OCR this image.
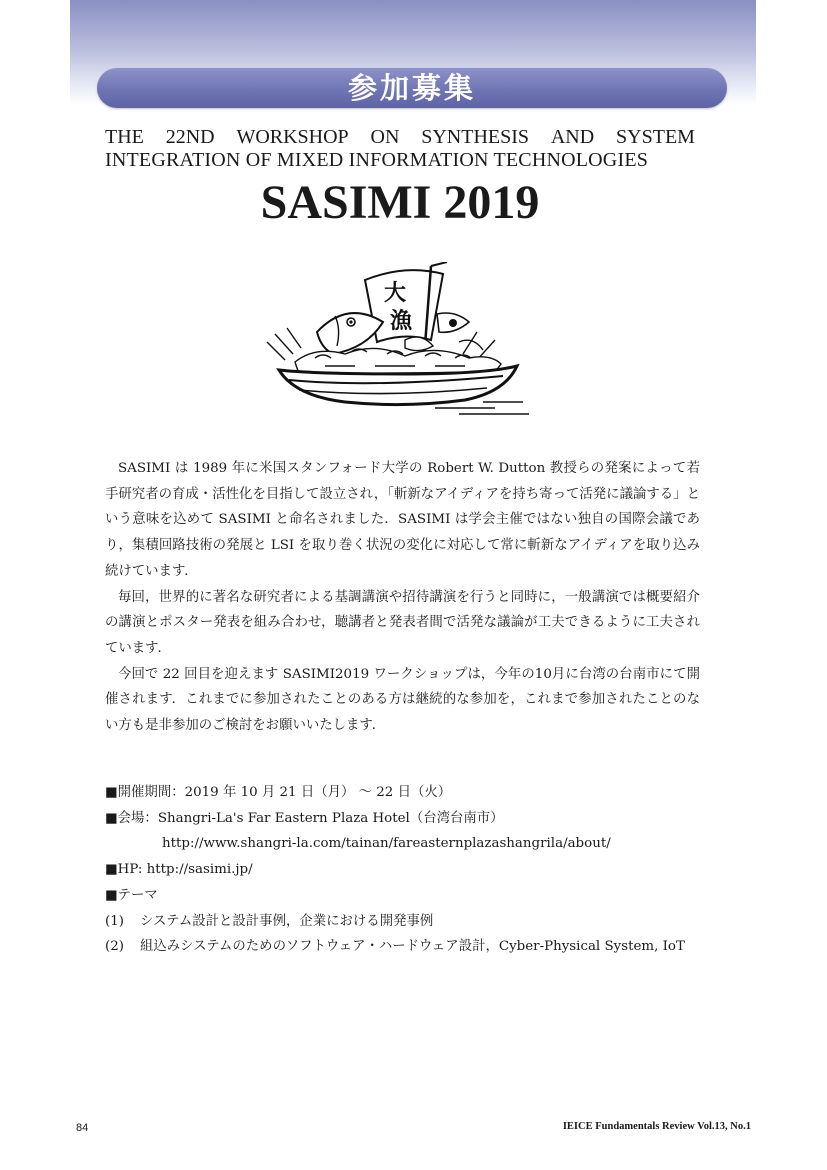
参加募集
THE 22ND WORKSHOP ON SYNTHESIS AND SYSTEM
INTEGRATION OF MIXED INFORMATION TECHNOLOGIES
SASIMI 2019
大
漁

SASIMI は 1989 年に米国スタンフォード大学の Robert W. Dutton 教授らの発案によって若手研究者の育成・活性化を目指して設立され，「斬新なアイディアを持ち寄って活発に議論する」という意味を込めて SASIMI と命名されました．SASIMI は学会主催ではない独自の国際会議であり，集積回路技術の発展と LSI を取り巻く状況の変化に対応して常に斬新なアイディアを取り込み続けています．

毎回，世界的に著名な研究者による基調講演や招待講演を行うと同時に，一般講演では概要紹介の講演とポスター発表を組み合わせ，聴講者と発表者間で活発な議論が工夫できるように工夫されています．

今回で 22 回目を迎えます SASIMI2019 ワークショップは，今年の10月に台湾の台南市にて開催されます．これまでに参加されたことのある方は継続的な参加を，これまで参加されたことのない方も是非参加のご検討をお願いいたします．

■開催期間：2019 年 10 月 21 日（月） ～ 22 日（火）
■会場：Shangri-La's Far Eastern Plaza Hotel（台湾台南市）
http://www.shangri-la.com/tainan/fareasternplazashangrila/about/
■HP: http://sasimi.jp/
■テーマ
(1)	システム設計と設計事例，企業における開発事例
(2)	組込みシステムのためのソフトウェア・ハードウェア設計，Cyber-Physical System, IoT
84	IEICE Fundamentals Review Vol.13, No.1
